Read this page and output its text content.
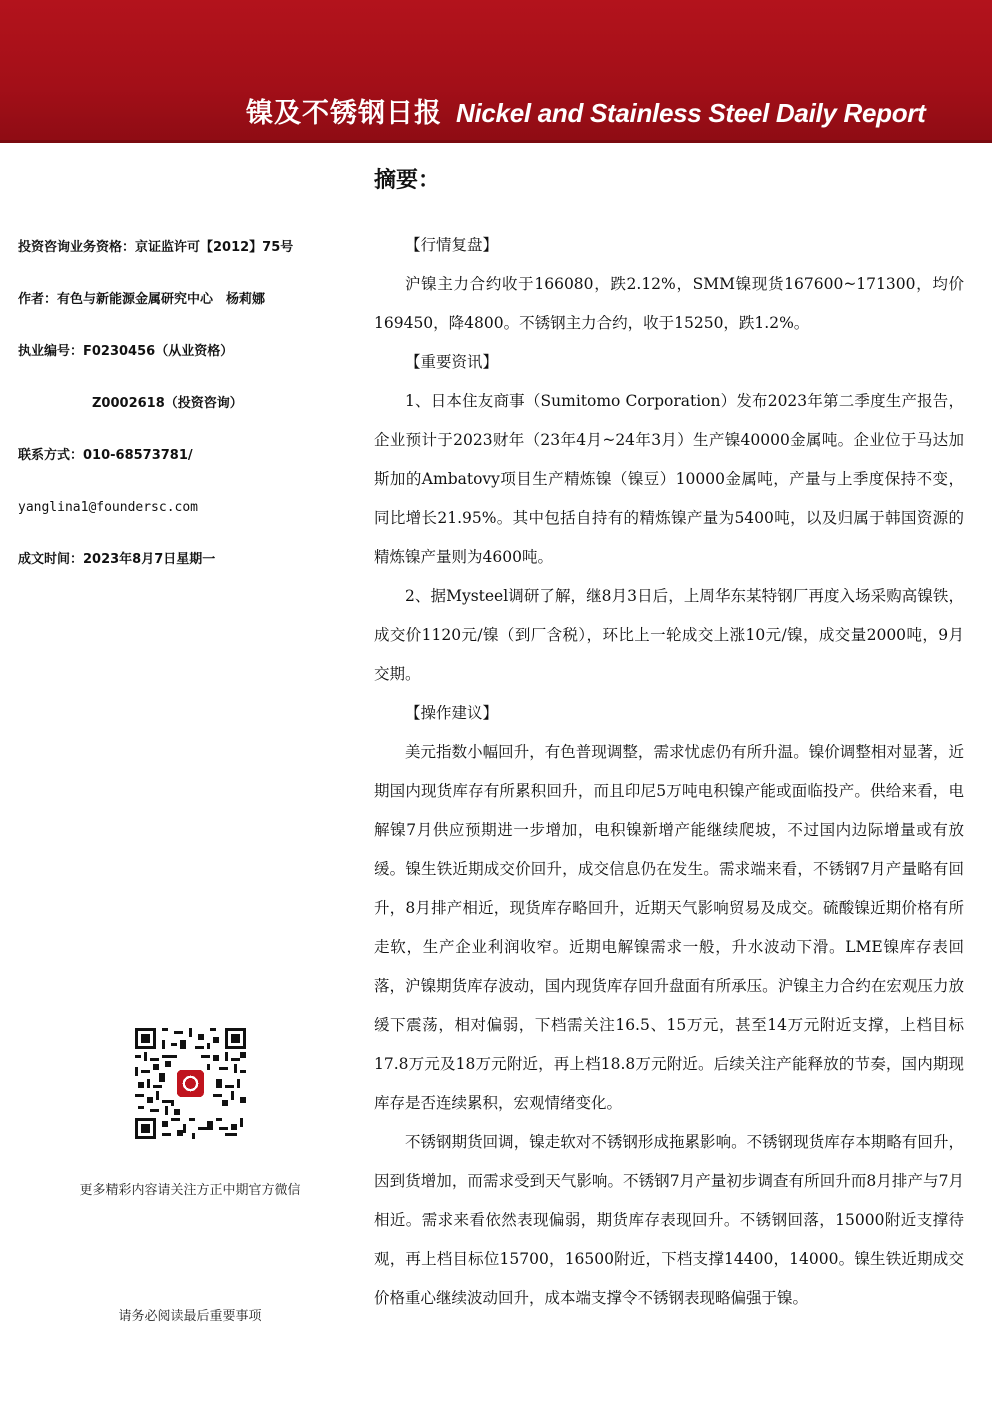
镍及不锈钢日报 Nickel and Stainless Steel Daily Report
摘要：
投资咨询业务资格：京证监许可【2012】75号
作者：有色与新能源金属研究中心　杨莉娜
执业编号：F0230456（从业资格）
Z0002618（投资咨询）
联系方式：010-68573781/
yanglina1@foundersc.com
成文时间：2023年8月7日星期一
更多精彩内容请关注方正中期官方微信
请务必阅读最后重要事项

【行情复盘】

沪镍主力合约收于166080，跌2.12%，SMM镍现货167600~171300，均价169450，降4800。不锈钢主力合约，收于15250，跌1.2%。

【重要资讯】

1、日本住友商事（Sumitomo Corporation）发布2023年第二季度生产报告，企业预计于2023财年（23年4月~24年3月）生产镍40000金属吨。企业位于马达加斯加的Ambatovy项目生产精炼镍（镍豆）10000金属吨，产量与上季度保持不变，同比增长21.95%。其中包括自持有的精炼镍产量为5400吨，以及归属于韩国资源的精炼镍产量则为4600吨。

2、据Mysteel调研了解，继8月3日后，上周华东某特钢厂再度入场采购高镍铁，成交价1120元/镍（到厂含税），环比上一轮成交上涨10元/镍，成交量2000吨，9月交期。

【操作建议】

美元指数小幅回升，有色普现调整，需求忧虑仍有所升温。镍价调整相对显著，近期国内现货库存有所累积回升，而且印尼5万吨电积镍产能或面临投产。供给来看，电解镍7月供应预期进一步增加，电积镍新增产能继续爬坡，不过国内边际增量或有放缓。镍生铁近期成交价回升，成交信息仍在发生。需求端来看，不锈钢7月产量略有回升，8月排产相近，现货库存略回升，近期天气影响贸易及成交。硫酸镍近期价格有所走软，生产企业利润收窄。近期电解镍需求一般，升水波动下滑。LME镍库存表回落，沪镍期货库存波动，国内现货库存回升盘面有所承压。沪镍主力合约在宏观压力放缓下震荡，相对偏弱，下档需关注16.5、15万元，甚至14万元附近支撑，上档目标17.8万元及18万元附近，再上档18.8万元附近。后续关注产能释放的节奏，国内期现库存是否连续累积，宏观情绪变化。

不锈钢期货回调，镍走软对不锈钢形成拖累影响。不锈钢现货库存本期略有回升，因到货增加，而需求受到天气影响。不锈钢7月产量初步调查有所回升而8月排产与7月相近。需求来看依然表现偏弱，期货库存表现回升。不锈钢回落，15000附近支撑待观，再上档目标位15700，16500附近，下档支撑14400，14000。镍生铁近期成交价格重心继续波动回升，成本端支撑令不锈钢表现略偏强于镍。
